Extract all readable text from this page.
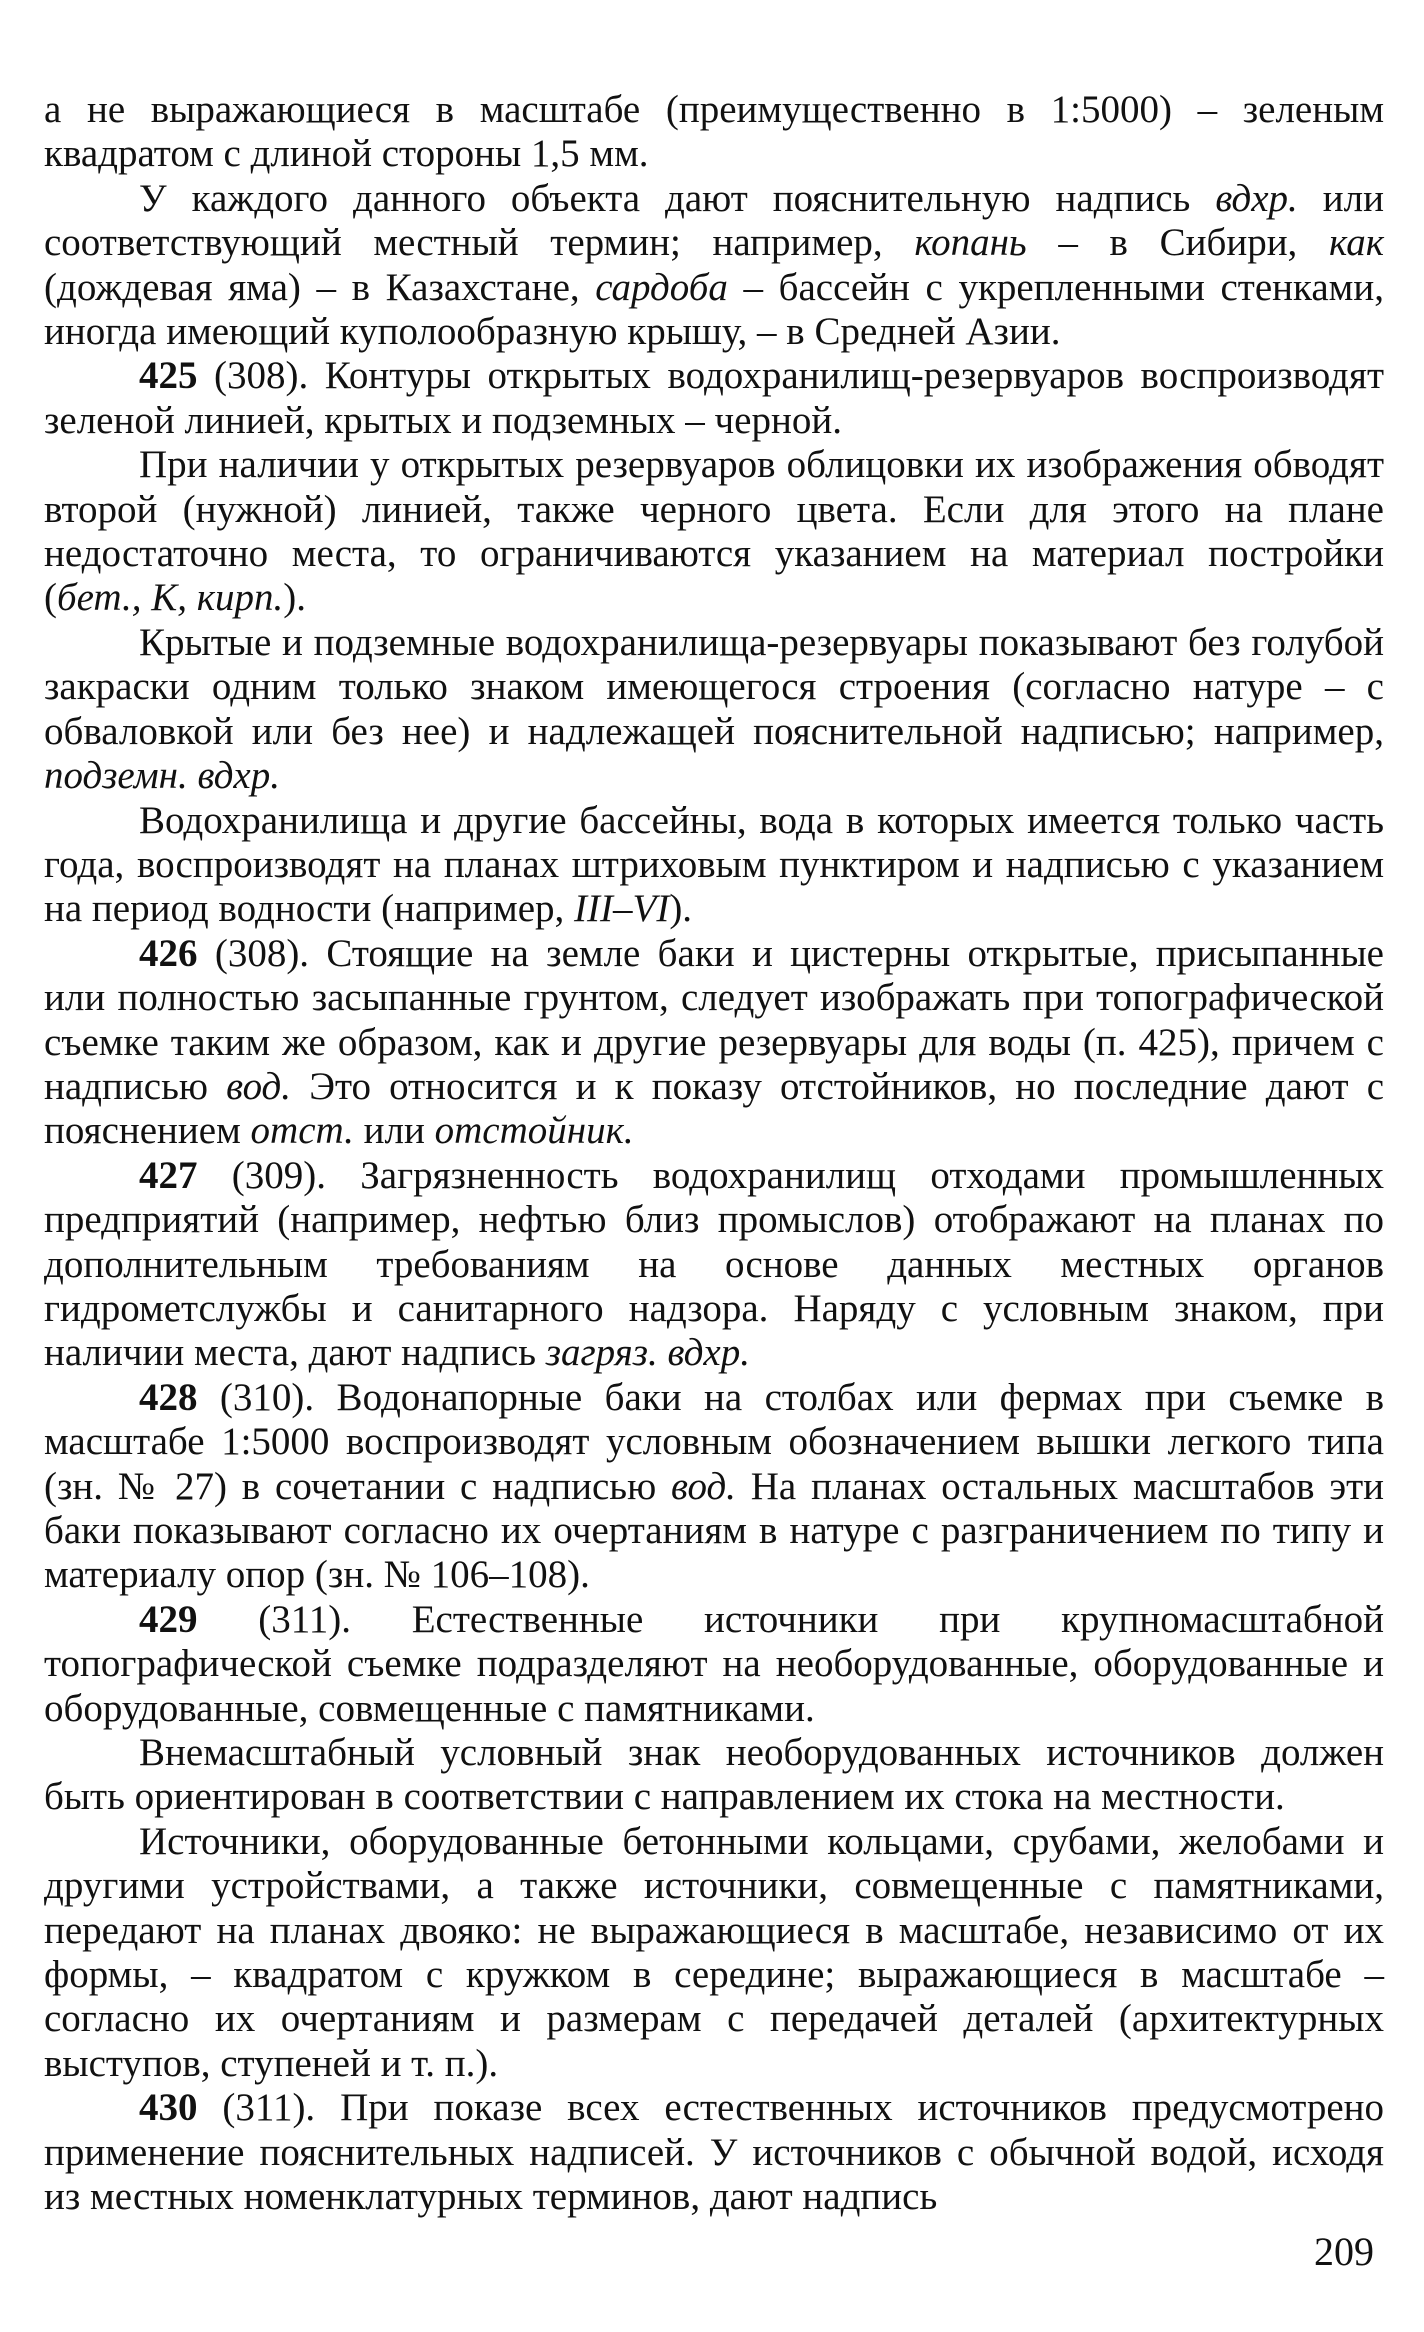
а не выражающиеся в масштабе (преимущественно в 1:5000) – зеленым квадратом с длиной стороны 1,5 мм.

У каждого данного объекта дают пояснительную надпись вдхр. или соответствующий местный термин; например, копань – в Сибири, как (дождевая яма) – в Казахстане, сардоба – бассейн с укрепленными стенками, иногда имеющий куполообразную крышу, – в Средней Азии.

425 (308). Контуры открытых водохранилищ-резервуаров воспроизводят зеленой линией, крытых и подземных – черной.

При наличии у открытых резервуаров облицовки их изображения обводят второй (нужной) линией, также черного цвета. Если для этого на плане недостаточно места, то ограничиваются указанием на материал постройки (бет., К, кирп.).

Крытые и подземные водохранилища-резервуары показывают без голубой закраски одним только знаком имеющегося строения (согласно натуре – с обваловкой или без нее) и надлежащей пояснительной надписью; например, подземн. вдхр.

Водохранилища и другие бассейны, вода в которых имеется только часть года, воспроизводят на планах штриховым пунктиром и надписью с указанием на период водности (например, III–VI).

426 (308). Стоящие на земле баки и цистерны открытые, присыпанные или полностью засыпанные грунтом, следует изображать при топографической съемке таким же образом, как и другие резервуары для воды (п. 425), причем с надписью вод. Это относится и к показу отстойников, но последние дают с пояснением отст. или отстойник.

427 (309). Загрязненность водохранилищ отходами промышленных предприятий (например, нефтью близ промыслов) отображают на планах по дополнительным требованиям на основе данных местных органов гидрометслужбы и санитарного надзора. Наряду с условным знаком, при наличии места, дают надпись загряз. вдхр.

428 (310). Водонапорные баки на столбах или фермах при съемке в масштабе 1:5000 воспроизводят условным обозначением вышки легкого типа (зн. № 27) в сочетании с надписью вод. На планах остальных масштабов эти баки показывают согласно их очертаниям в натуре с разграничением по типу и материалу опор (зн. № 106–108).

429 (311). Естественные источники при крупномасштабной топографической съемке подразделяют на необорудованные, оборудованные и оборудованные, совмещенные с памятниками.

Внемасштабный условный знак необорудованных источников должен быть ориентирован в соответствии с направлением их стока на местности.

Источники, оборудованные бетонными кольцами, срубами, желобами и другими устройствами, а также источники, совмещенные с памятниками, передают на планах двояко: не выражающиеся в масштабе, независимо от их формы, – квадратом с кружком в середине; выражающиеся в масштабе – согласно их очертаниям и размерам с передачей деталей (архитектурных выступов, ступеней и т. п.).

430 (311). При показе всех естественных источников предусмотрено применение пояснительных надписей. У источников с обычной водой, исходя из местных номенклатурных терминов, дают надпись

209
